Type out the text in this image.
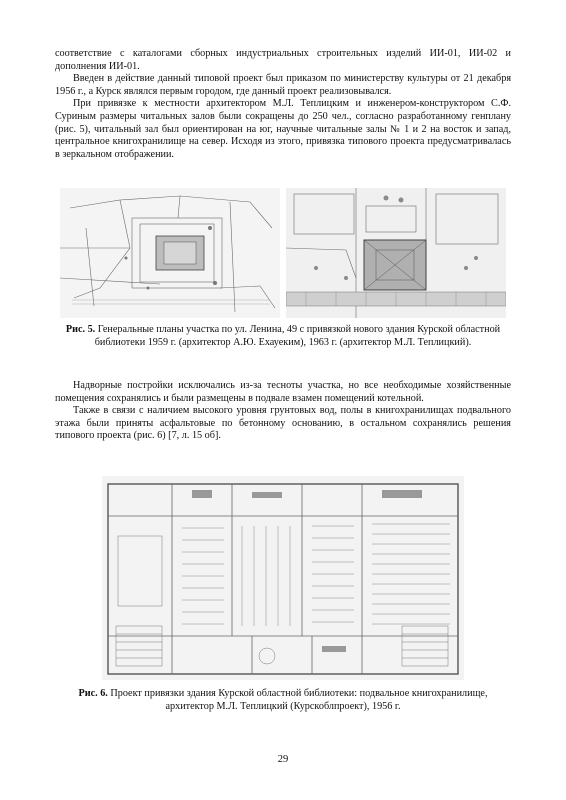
соответствие с каталогами сборных индустриальных строительных изделий ИИ-01, ИИ-02 и дополнения ИИ-01.

Введен в действие данный типовой проект был приказом по министерству культуры от 21 декабря 1956 г., а Курск являлся первым городом, где данный проект реализовывался.

При привязке к местности архитектором М.Л. Теплицким и инженером-конструктором С.Ф. Суриным размеры читальных залов были сокращены до 250 чел., согласно разработанному генплану (рис. 5), читальный зал был ориентирован на юг, научные читальные залы № 1 и 2 на восток и запад, центральное книгохранилище на север. Исходя из этого, привязка типового проекта предусматривалась в зеркальном отображении.

Рис. 5. Генеральные планы участка по ул. Ленина, 49 с привязкой нового здания Курской областной библиотеки 1959 г. (архитектор А.Ю. Ехауеким), 1963 г. (архитектор М.Л. Теплицкий).

Надворные постройки исключались из-за тесноты участка, но все необходимые хозяйственные помещения сохранялись и были размещены в подвале взамен помещений котельной.

Также в связи с наличием высокого уровня грунтовых вод, полы в книгохранилищах подвального этажа были приняты асфальтовые по бетонному основанию, в остальном сохранялись решения типового проекта (рис. 6) [7, л. 15 об].

Рис. 6. Проект привязки здания Курской областной библиотеки: подвальное книгохранилище, архитектор М.Л. Теплицкий (Курскоблпроект), 1956 г.
29
